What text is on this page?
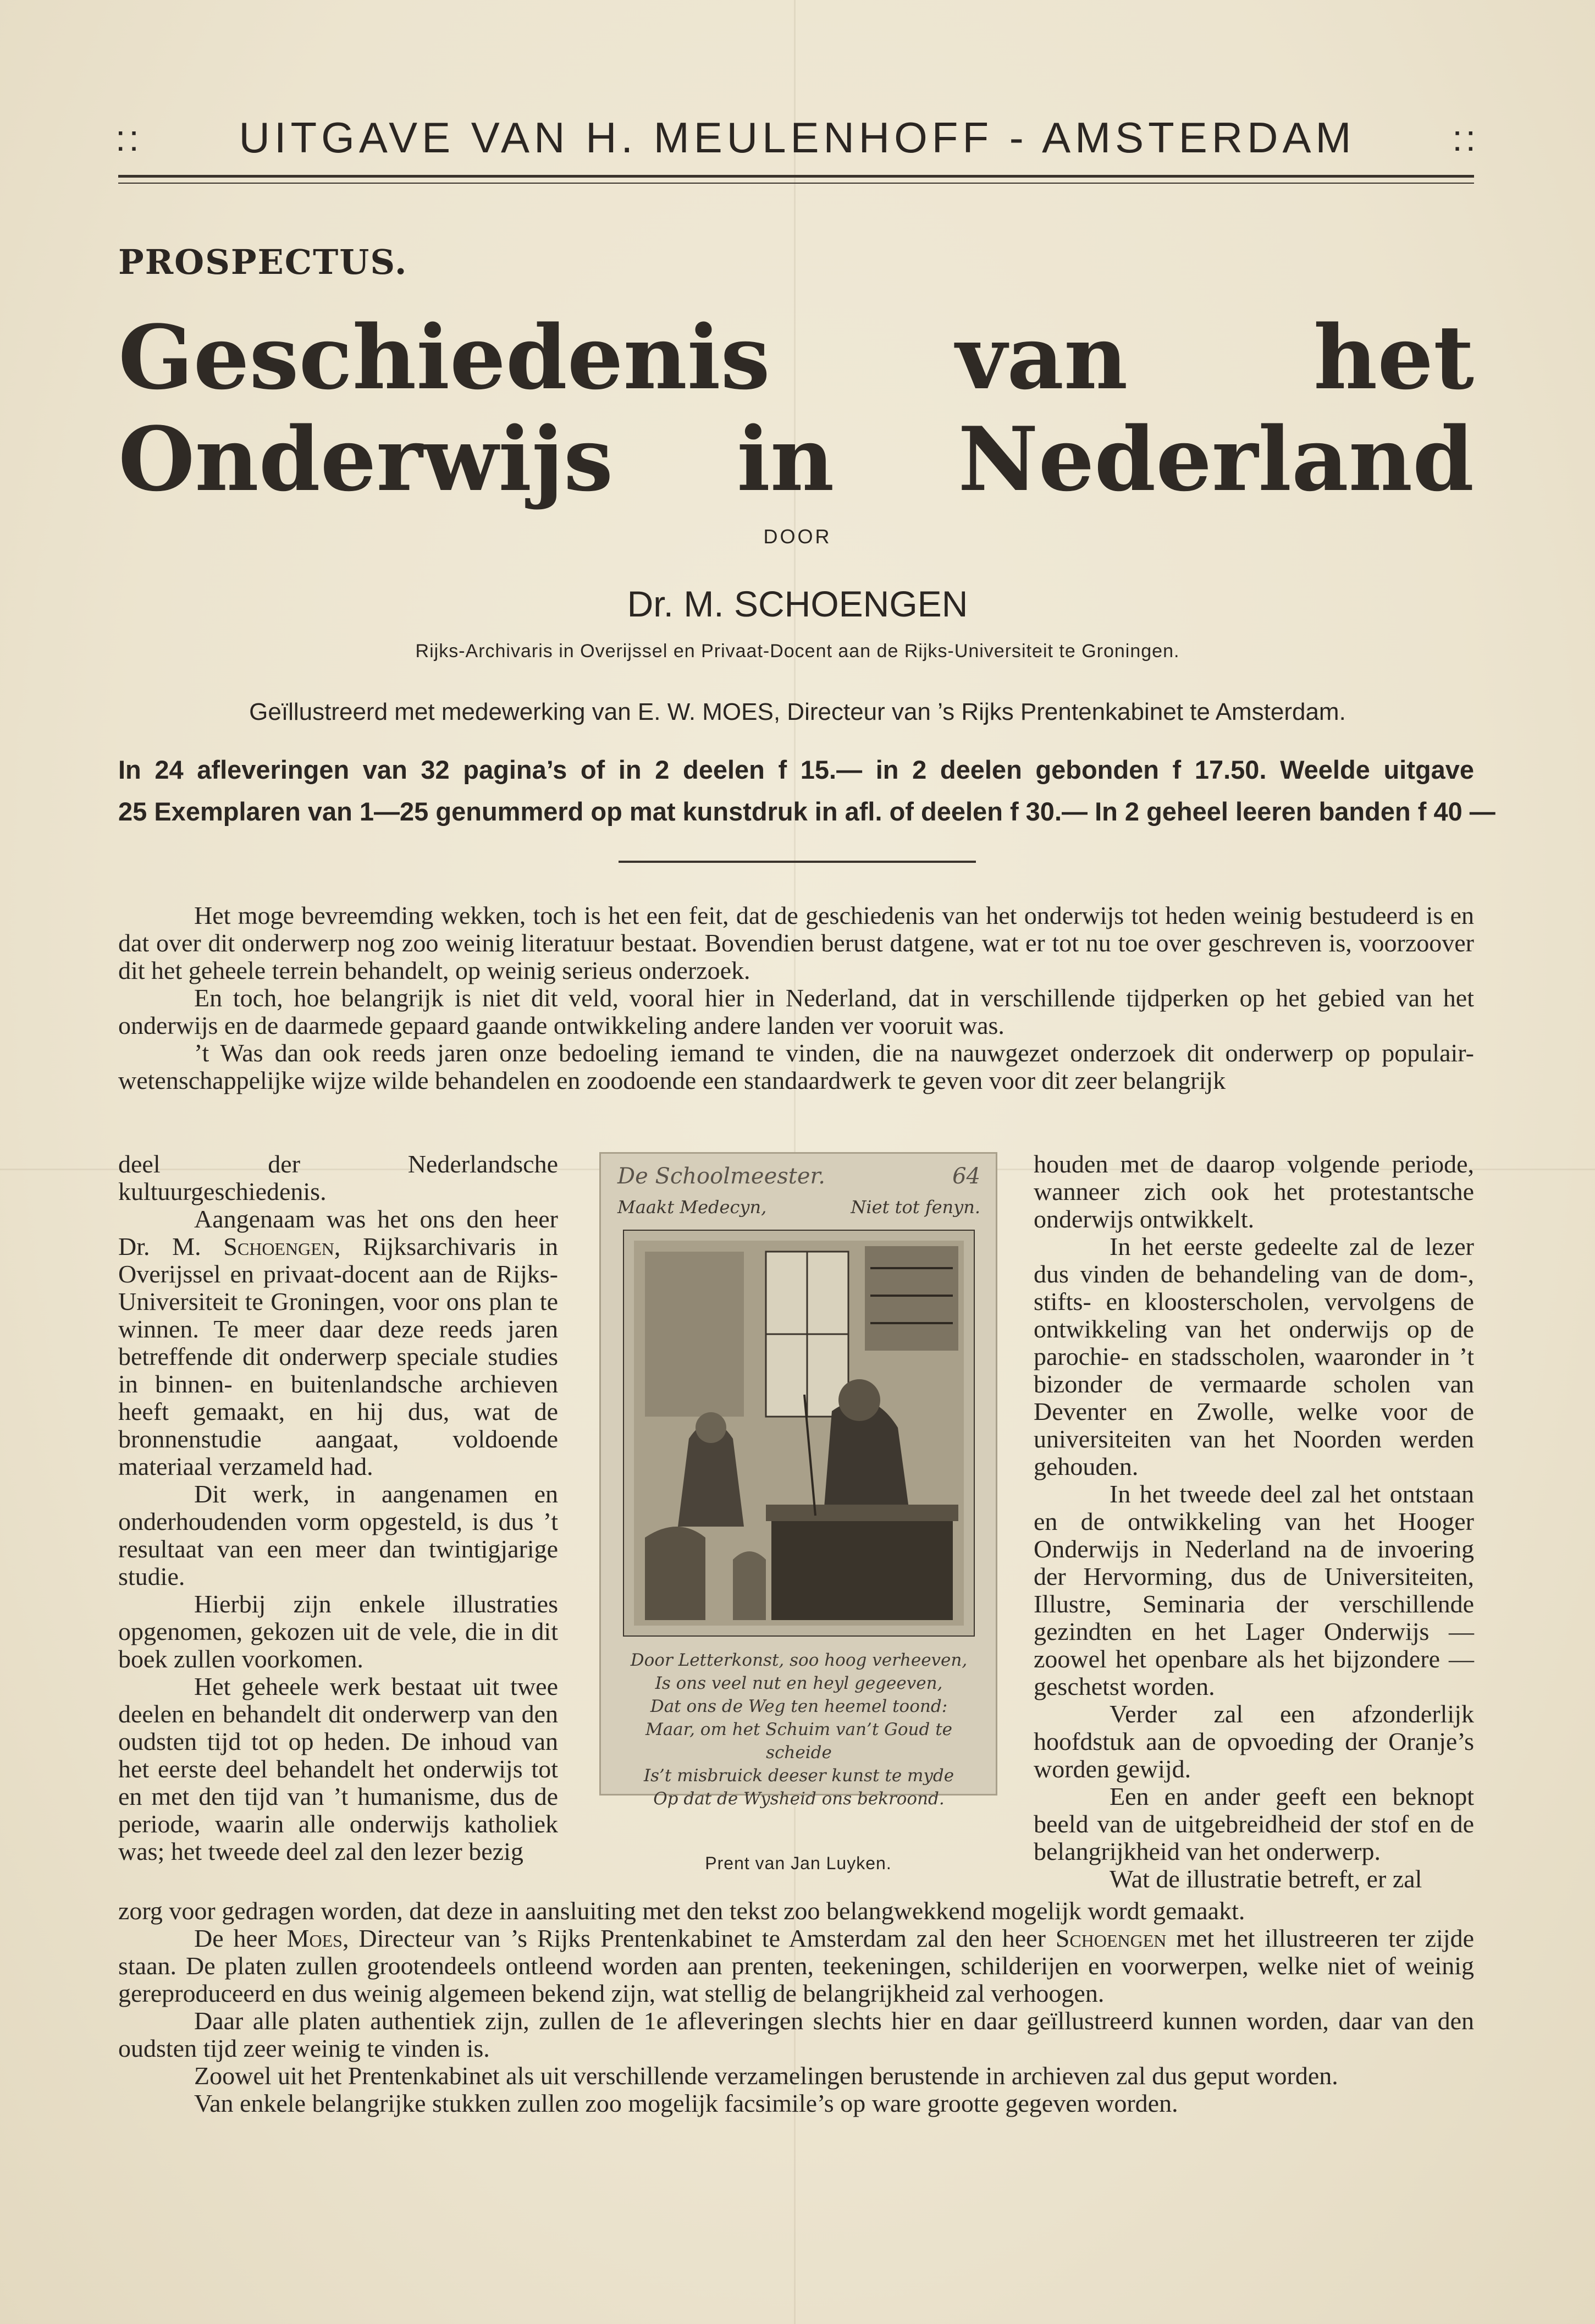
::	UITGAVE VAN H. MEULENHOFF - AMSTERDAM	::
PROSPECTUS.
Geschiedenis van het
Onderwijs in Nederland
DOOR
Dr. M. SCHOENGEN
Rijks-Archivaris in Overijssel en Privaat-Docent aan de Rijks-Universiteit te Groningen.
Geïllustreerd met medewerking van E. W. MOES, Directeur van ’s Rijks Prentenkabinet te Amsterdam.
In 24 afleveringen van 32 pagina’s of in 2 deelen f 15.— in 2 deelen gebonden f 17.50. Weelde uitgave
25 Exemplaren van 1—25 genummerd op mat kunstdruk in afl. of deelen f 30.— In 2 geheel leeren banden f 40 —

Het moge bevreemding wekken, toch is het een feit, dat de geschiedenis van het onderwijs tot heden weinig bestudeerd is en dat over dit onderwerp nog zoo weinig literatuur bestaat. Bovendien berust datgene, wat er tot nu toe over geschreven is, voorzoover dit het geheele terrein behandelt, op weinig serieus onderzoek.

En toch, hoe belangrijk is niet dit veld, vooral hier in Nederland, dat in verschillende tijdperken op het gebied van het onderwijs en de daarmede gepaard gaande ontwikkeling andere landen ver vooruit was.

’t Was dan ook reeds jaren onze bedoeling iemand te vinden, die na nauwgezet onderzoek dit onderwerp op populair-wetenschappelijke wijze wilde behandelen en zoodoende een standaardwerk te geven voor dit zeer belangrijk

deel der Nederlandsche kultuurgeschiedenis.

Aangenaam was het ons den heer Dr. M. Schoengen, Rijksarchivaris in Overijssel en privaat-docent aan de Rijks-Universiteit te Groningen, voor ons plan te winnen. Te meer daar deze reeds jaren betreffende dit onderwerp speciale studies in binnen- en buitenlandsche archieven heeft gemaakt, en hij dus, wat de bronnenstudie aangaat, voldoende materiaal verzameld had.

Dit werk, in aangenamen en onderhoudenden vorm opgesteld, is dus ’t resultaat van een meer dan twintigjarige studie.

Hierbij zijn enkele illustraties opgenomen, gekozen uit de vele, die in dit boek zullen voorkomen.

Het geheele werk bestaat uit twee deelen en behandelt dit onderwerp van den oudsten tijd tot op heden. De inhoud van het eerste deel behandelt het onderwijs tot en met den tijd van ’t humanisme, dus de periode, waarin alle onderwijs katholiek was; het tweede deel zal den lezer bezig

De Schoolmeester.	64
Maakt Medecyn,	Niet tot fenyn.
Door Letterkonst, soo hoog verheeven,
Is ons veel nut en heyl gegeeven,
Dat ons de Weg ten heemel toond:
Maar, om het Schuim van’t Goud te scheide
Is’t misbruick deeser kunst te myde
Op dat de Wysheid ons bekroond.
Prent van Jan Luyken.

houden met de daarop volgende periode, wanneer zich ook het protestantsche onderwijs ontwikkelt.

In het eerste gedeelte zal de lezer dus vinden de behandeling van de dom-, stifts- en kloosterscholen, vervolgens de ontwikkeling van het onderwijs op de parochie- en stadsscholen, waaronder in ’t bizonder de vermaarde scholen van Deventer en Zwolle, welke voor de universiteiten van het Noorden werden gehouden.

In het tweede deel zal het ontstaan en de ontwikkeling van het Hooger Onderwijs in Nederland na de invoering der Hervorming, dus de Universiteiten, Illustre, Seminaria der verschillende gezindten en het Lager Onderwijs — zoowel het openbare als het bijzondere — geschetst worden.

Verder zal een afzonderlijk hoofdstuk aan de opvoeding der Oranje’s worden gewijd.

Een en ander geeft een beknopt beeld van de uitgebreidheid der stof en de belangrijkheid van het onderwerp.

Wat de illustratie betreft, er zal

zorg voor gedragen worden, dat deze in aansluiting met den tekst zoo belangwekkend mogelijk wordt gemaakt.

De heer Moes, Directeur van ’s Rijks Prentenkabinet te Amsterdam zal den heer Schoengen met het illustreeren ter zijde staan. De platen zullen grootendeels ontleend worden aan prenten, teekeningen, schilderijen en voorwerpen, welke niet of weinig gereproduceerd en dus weinig algemeen bekend zijn, wat stellig de belangrijkheid zal verhoogen.

Daar alle platen authentiek zijn, zullen de 1e afleveringen slechts hier en daar geïllustreerd kunnen worden, daar van den oudsten tijd zeer weinig te vinden is.

Zoowel uit het Prentenkabinet als uit verschillende verzamelingen berustende in archieven zal dus geput worden.

Van enkele belangrijke stukken zullen zoo mogelijk facsimile’s op ware grootte gegeven worden.
